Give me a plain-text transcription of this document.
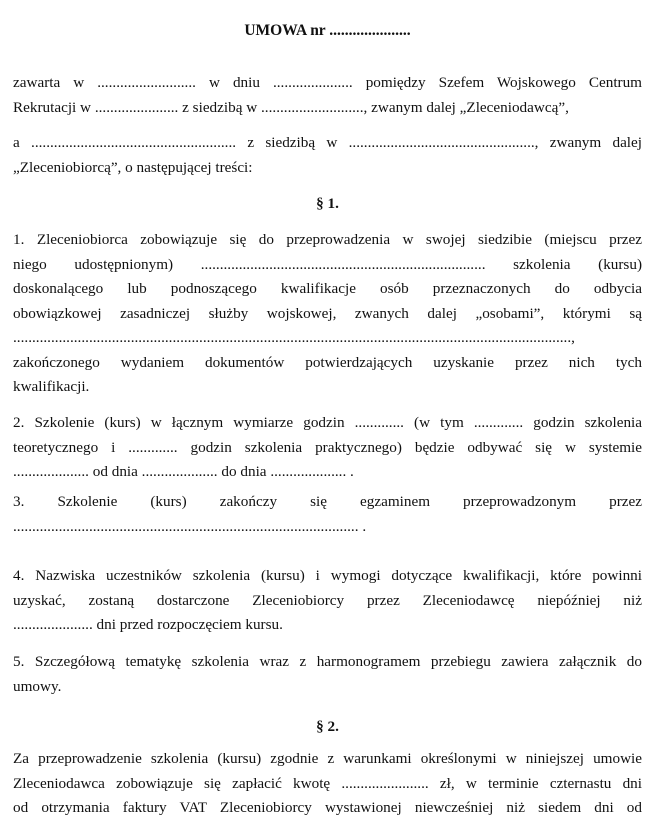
UMOWA nr .....................
zawarta w .......................... w dniu ..................... pomiędzy Szefem Wojskowego Centrum
Rekrutacji w ...................... z siedzibą w ..........................., zwanym dalej „Zleceniodawcą”,
a ...................................................... z siedzibą w ................................................., zwanym dalej
„Zleceniobiorcą”, o następującej treści:
§ 1.
1. Zleceniobiorca zobowiązuje się do przeprowadzenia w swojej siedzibie (miejscu przez
niego udostępnionym) ........................................................................... szkolenia (kursu)
doskonalącego lub podnoszącego kwalifikacje osób przeznaczonych do odbycia
obowiązkowej zasadniczej służby wojskowej, zwanych dalej „osobami”, którymi są
...................................................................................................................................................,
zakończonego wydaniem dokumentów potwierdzających uzyskanie przez nich tych
kwalifikacji.
2. Szkolenie (kurs) w łącznym wymiarze godzin ............. (w tym ............. godzin szkolenia
teoretycznego i ............. godzin szkolenia praktycznego) będzie odbywać się w systemie
.................... od dnia .................... do dnia .................... .
3. Szkolenie (kurs) zakończy się egzaminem przeprowadzonym przez
........................................................................................... .
4. Nazwiska uczestników szkolenia (kursu) i wymogi dotyczące kwalifikacji, które powinni
uzyskać, zostaną dostarczone Zleceniobiorcy przez Zleceniodawcę niepóźniej niż
..................... dni przed rozpoczęciem kursu.
5. Szczegółową tematykę szkolenia wraz z harmonogramem przebiegu zawiera załącznik do
umowy.
§ 2.
Za przeprowadzenie szkolenia (kursu) zgodnie z warunkami określonymi w niniejszej umowie
Zleceniodawca zobowiązuje się zapłacić kwotę ....................... zł, w terminie czternastu dni
od otrzymania faktury VAT Zleceniobiorcy wystawionej niewcześniej niż siedem dni od
